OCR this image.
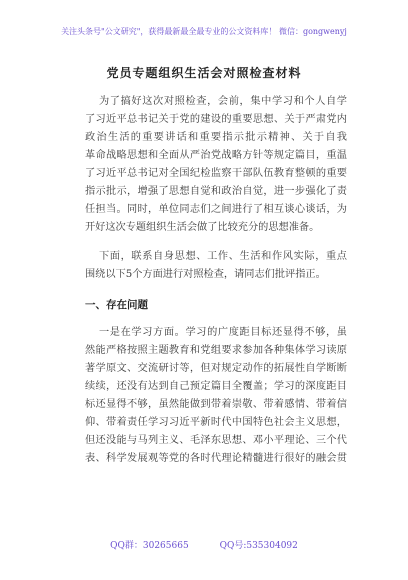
关注头条号"公文研究"，获得最新最全最专业的公文资料库！ 微信：gongwenyj
党员专题组织生活会对照检查材料
为了搞好这次对照检查，会前，集中学习和个人自学
了习近平总书记关于党的建设的重要思想、关于严肃党内
政治生活的重要讲话和重要指示批示精神、关于自我
革命战略思想和全面从严治党战略方针等规定篇目，重温
了习近平总书记对全国纪检监察干部队伍教育整顿的重要
指示批示，增强了思想自觉和政治自觉，进一步强化了责
任担当。同时，单位同志们之间进行了相互谈心谈话，为
开好这次专题组织生活会做了比较充分的思想准备。
下面，联系自身思想、工作、生活和作风实际，重点
围绕以下5个方面进行对照检查，请同志们批评指正。
一、存在问题
一是在学习方面。学习的广度距目标还显得不够，虽
然能严格按照主题教育和党组要求参加各种集体学习读原
著学原文、交流研讨等，但对规定动作的拓展性自学断断
续续，还没有达到自己预定篇目全覆盖；学习的深度距目
标还显得不够，虽然能做到带着崇敬、带着感情、带着信
仰、带着责任学习习近平新时代中国特色社会主义思想，
但还没能与马列主义、毛泽东思想、邓小平理论、三个代
表、科学发展观等党的各时代理论精髓进行很好的融会贯
QQ群：30265665	QQ号:535304092
